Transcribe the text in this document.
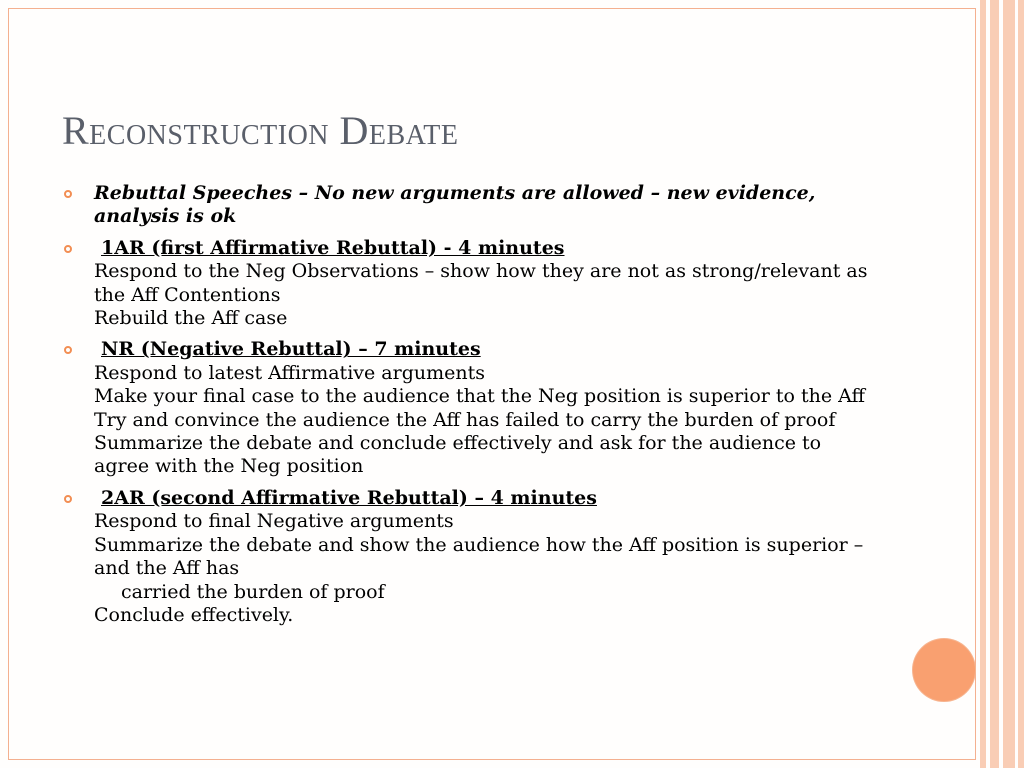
Reconstruction Debate
Rebuttal Speeches – No new arguments are allowed – new evidence, analysis is ok
1AR (first Affirmative Rebuttal) - 4 minutes
Respond to the Neg Observations – show how they are not as strong/relevant as the Aff Contentions
Rebuild the Aff case
NR (Negative Rebuttal) – 7 minutes
Respond to latest Affirmative arguments
Make your final case to the audience that the Neg position is superior to the Aff
Try and convince the audience the Aff has failed to carry the burden of proof
Summarize the debate and conclude effectively and ask for the audience to agree with the Neg position
2AR (second Affirmative Rebuttal) – 4 minutes
Respond to final Negative arguments
Summarize the debate and show the audience how the Aff position is superior – and the Aff has
carried the burden of proof
Conclude effectively.
